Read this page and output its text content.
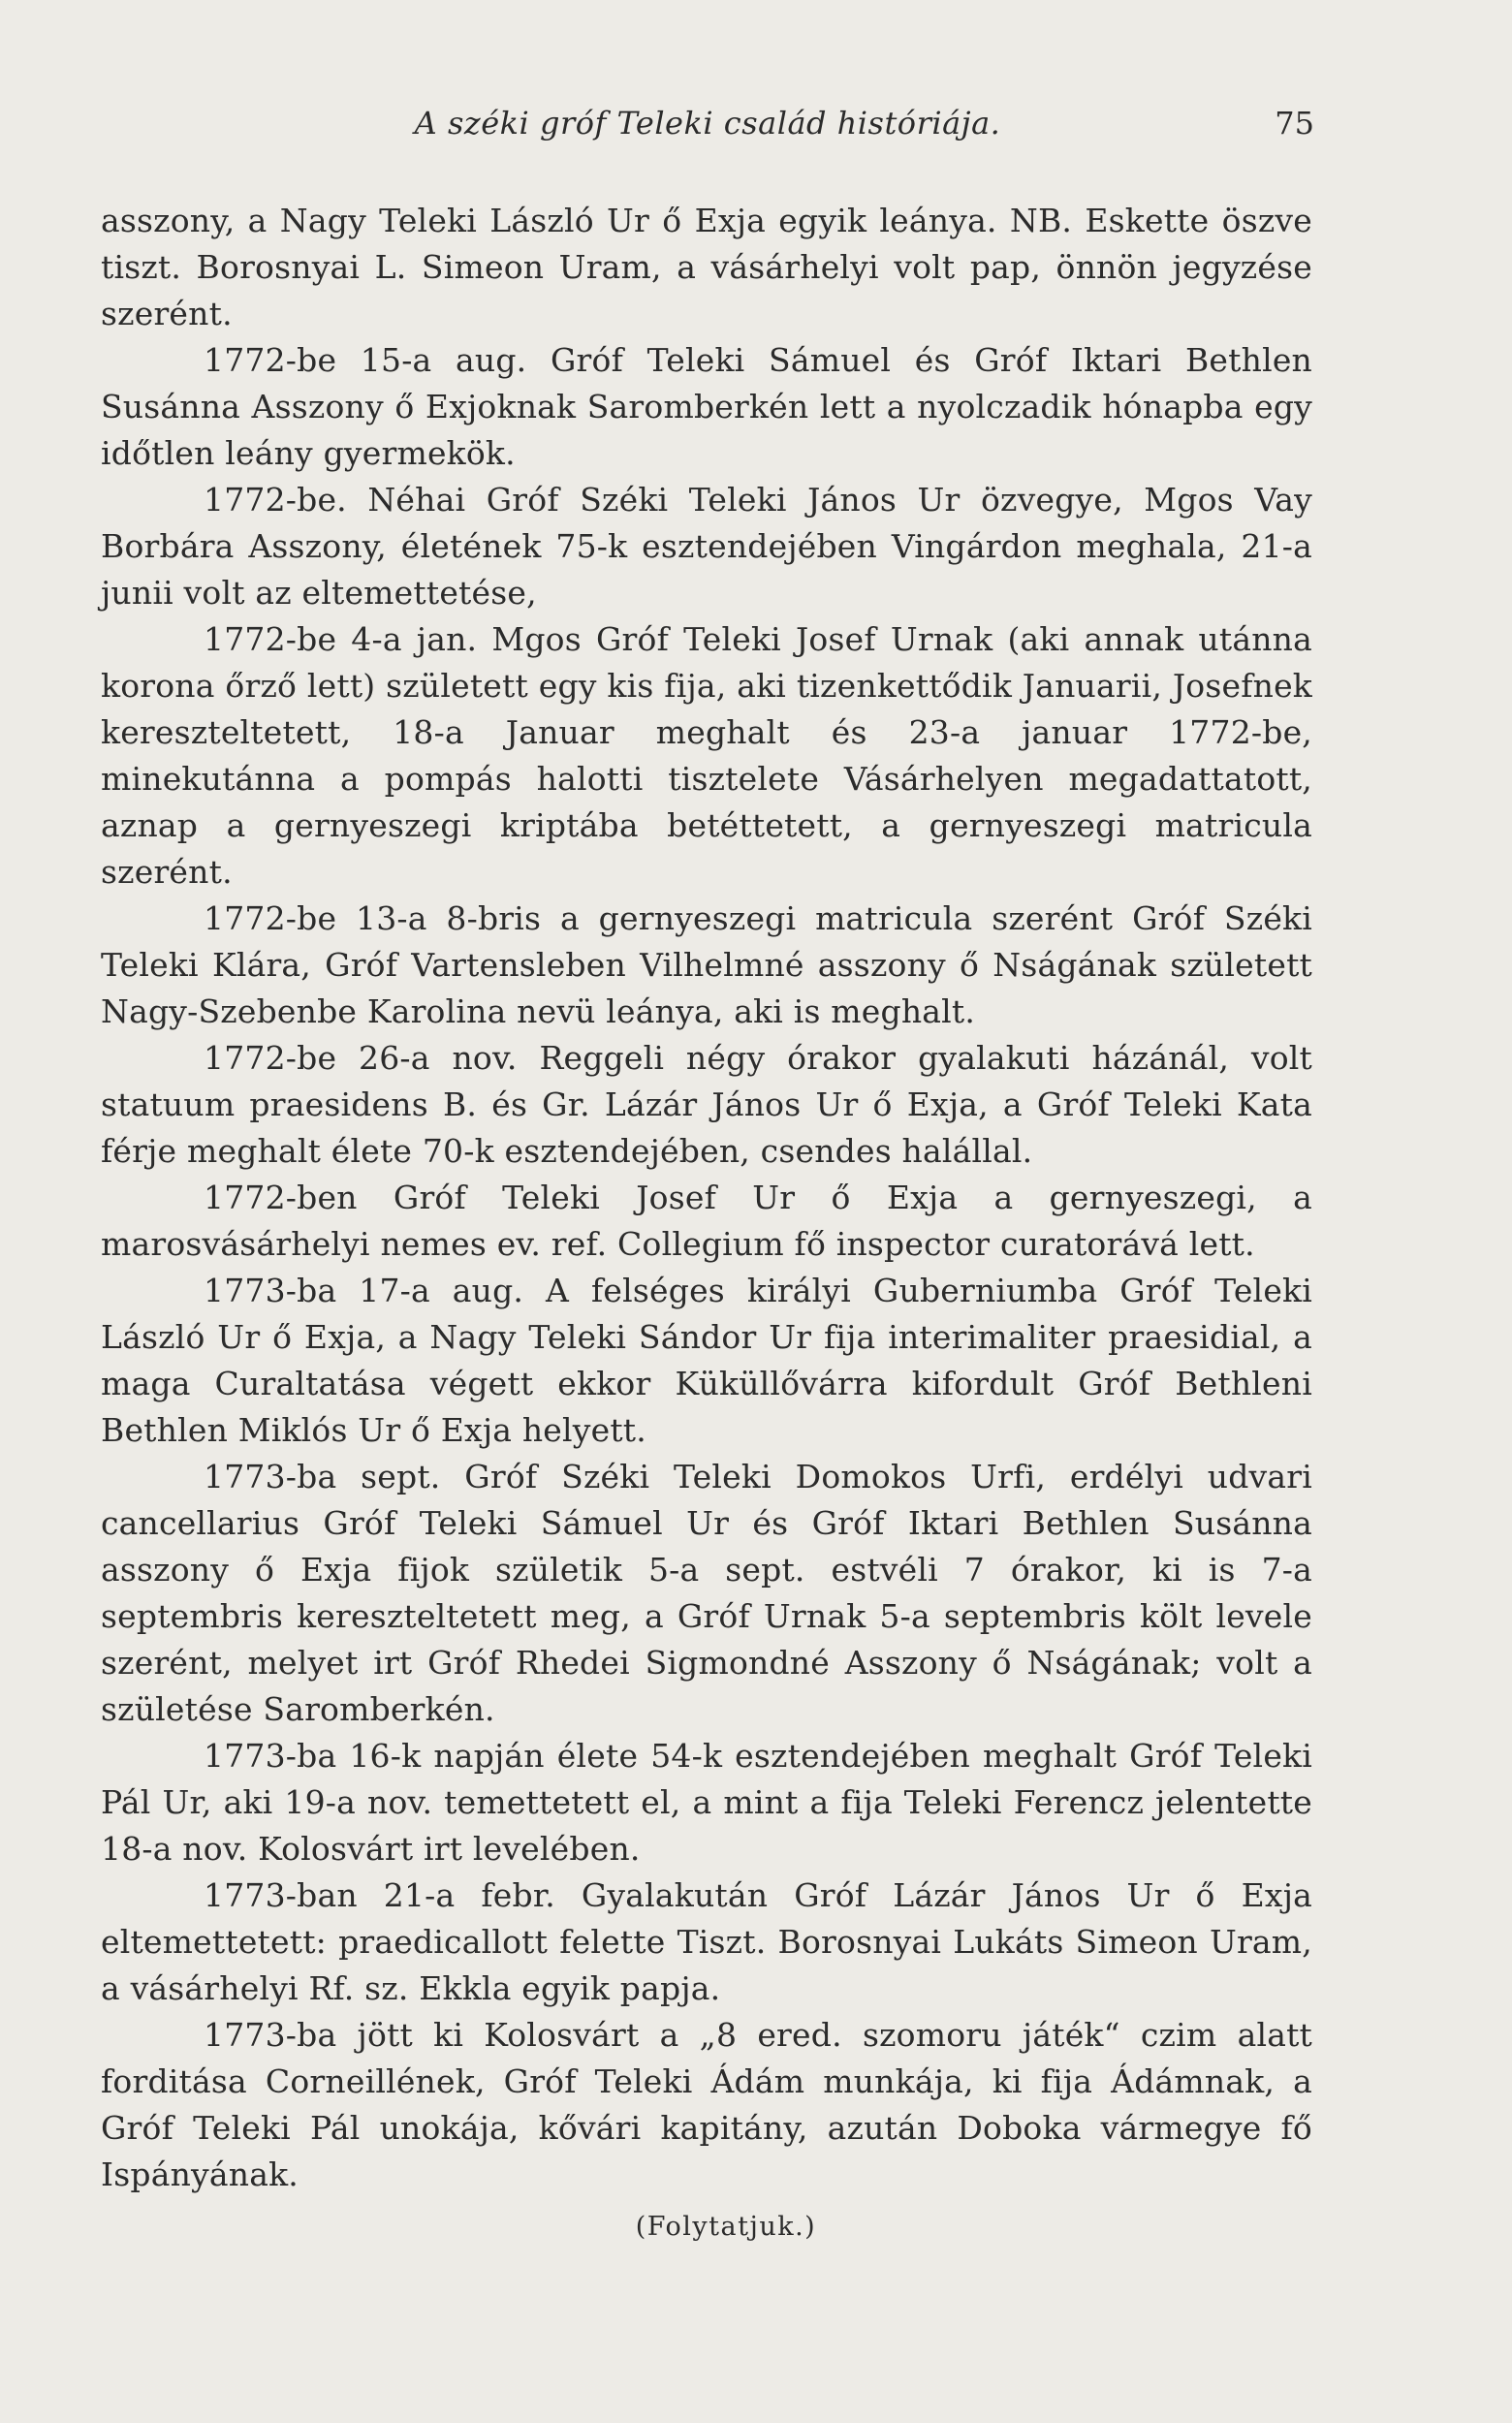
A széki gróf Teleki család históriája.	75

asszony, a Nagy Teleki László Ur ő Exja egyik leánya. NB. Eskette öszve tiszt. Borosnyai L. Simeon Uram, a vásárhelyi volt pap, önnön jegyzése szerént.

1772-be 15-a aug. Gróf Teleki Sámuel és Gróf Iktari Bethlen Susánna Asszony ő Exjoknak Saromberkén lett a nyolczadik hónapba egy időtlen leány gyermekök.

1772-be. Néhai Gróf Széki Teleki János Ur özvegye, Mgos Vay Borbára Asszony, életének 75-k esztendejében Vingárdon meghala, 21-a junii volt az eltemettetése,

1772-be 4-a jan. Mgos Gróf Teleki Josef Urnak (aki annak utánna korona őrző lett) született egy kis fija, aki tizenkettődik Januarii, Josefnek kereszteltetett, 18-a Januar meghalt és 23-a januar 1772-be, minekutánna a pompás halotti tisztelete Vásárhelyen megadattatott, aznap a gernyeszegi kriptába betéttetett, a gernyeszegi matricula szerént.

1772-be 13-a 8-bris a gernyeszegi matricula szerént Gróf Széki Teleki Klára, Gróf Vartensleben Vilhelmné asszony ő Nságának született Nagy-Szebenbe Karolina nevü leánya, aki is meghalt.

1772-be 26-a nov. Reggeli négy órakor gyalakuti házánál, volt statuum praesidens B. és Gr. Lázár János Ur ő Exja, a Gróf Teleki Kata férje meghalt élete 70-k esztendejében, csendes halállal.

1772-ben Gróf Teleki Josef Ur ő Exja a gernyeszegi, a marosvásárhelyi nemes ev. ref. Collegium fő inspector curatorává lett.

1773-ba 17-a aug. A felséges királyi Guberniumba Gróf Teleki László Ur ő Exja, a Nagy Teleki Sándor Ur fija interimaliter praesidial, a maga Curaltatása végett ekkor Küküllővárra kifordult Gróf Bethleni Bethlen Miklós Ur ő Exja helyett.

1773-ba sept. Gróf Széki Teleki Domokos Urfi, erdélyi udvari cancellarius Gróf Teleki Sámuel Ur és Gróf Iktari Bethlen Susánna asszony ő Exja fijok születik 5-a sept. estvéli 7 órakor, ki is 7-a septembris kereszteltetett meg, a Gróf Urnak 5-a septembris költ levele szerént, melyet irt Gróf Rhedei Sigmondné Asszony ő Nságának; volt a születése Saromberkén.

1773-ba 16-k napján élete 54-k esztendejében meghalt Gróf Teleki Pál Ur, aki 19-a nov. temettetett el, a mint a fija Teleki Ferencz jelentette 18-a nov. Kolosvárt irt levelében.

1773-ban 21-a febr. Gyalakután Gróf Lázár János Ur ő Exja eltemettetett: praedicallott felette Tiszt. Borosnyai Lukáts Simeon Uram, a vásárhelyi Rf. sz. Ekkla egyik papja.

1773-ba jött ki Kolosvárt a „8 ered. szomoru játék“ czim alatt forditása Corneillének, Gróf Teleki Ádám munkája, ki fija Ádámnak, a Gróf Teleki Pál unokája, kővári kapitány, azután Doboka vármegye fő Ispányának.

(Folytatjuk.)
